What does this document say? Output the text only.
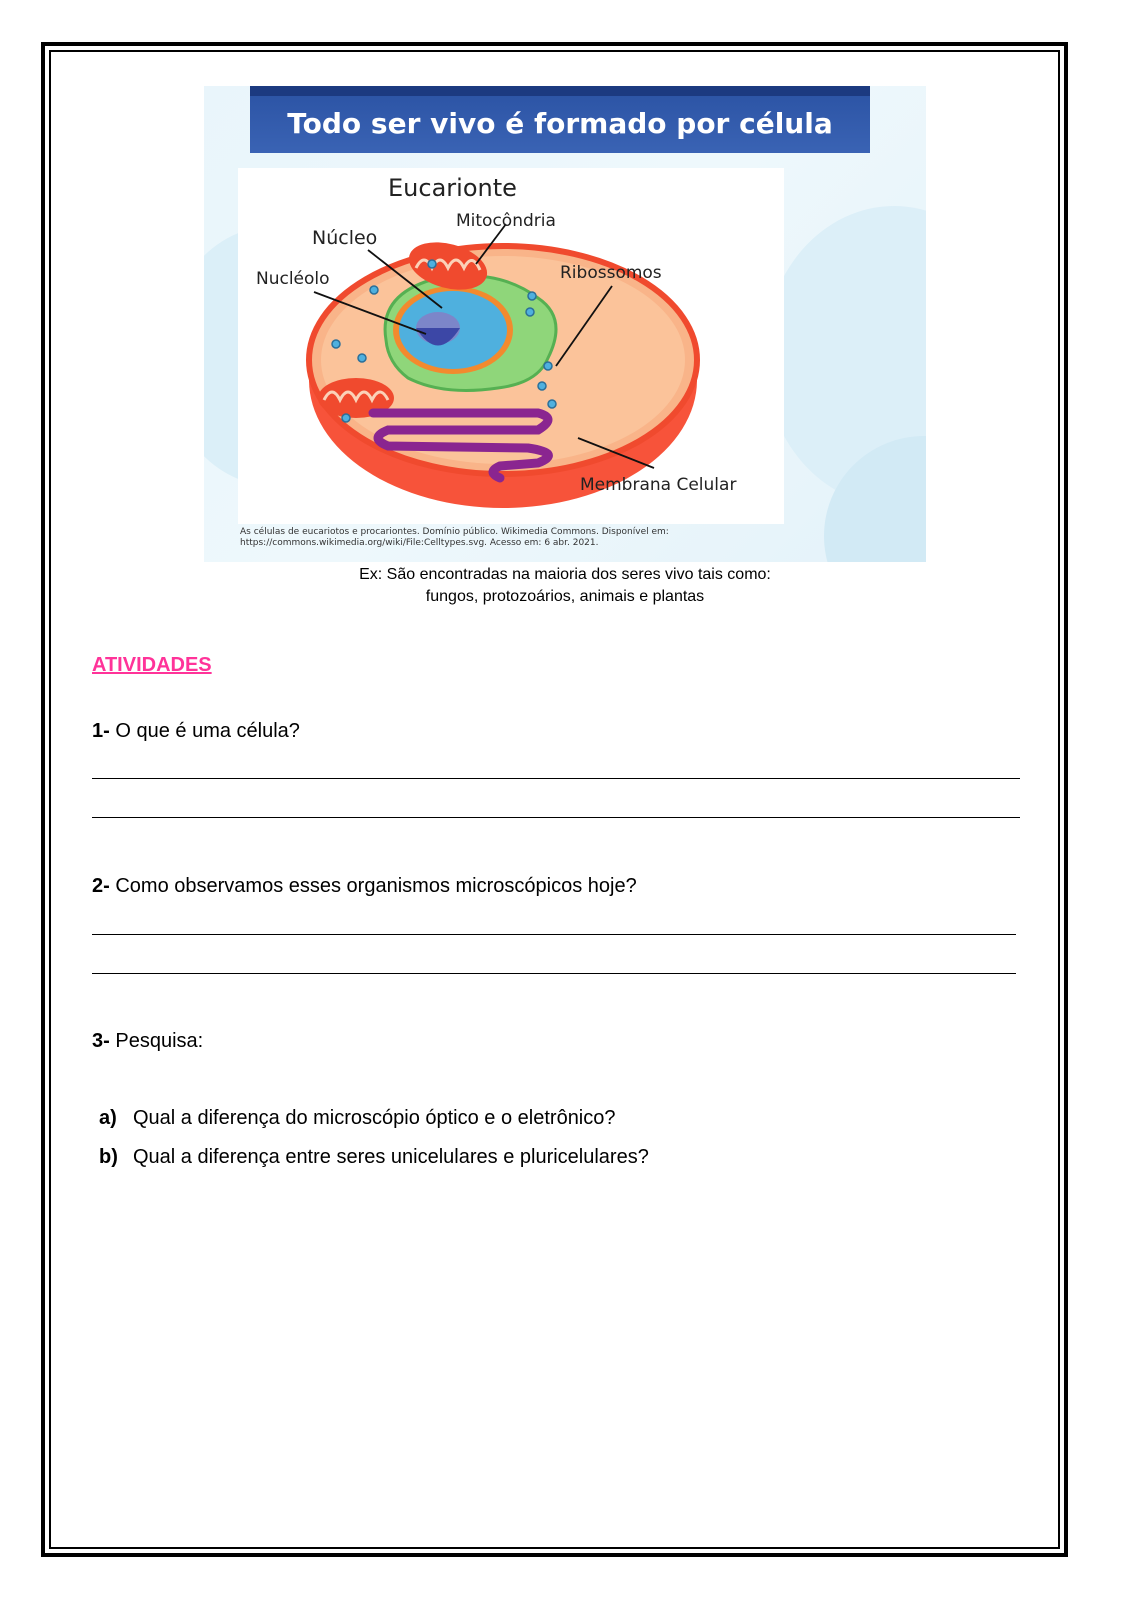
Todo ser vivo é formado por célula
Eucarionte
Mitocôndria
Núcleo
Nucléolo	Ribossomos
Membrana Celular
As células de eucariotos e procariontes. Domínio público. Wikimedia Commons. Disponível em:
https://commons.wikimedia.org/wiki/File:Celltypes.svg. Acesso em: 6 abr. 2021.
Ex: São encontradas na maioria dos seres vivo tais como:
fungos, protozoários, animais e plantas
ATIVIDADES
1- O que é uma célula?
2- Como observamos esses organismos microscópicos hoje?
3- Pesquisa:
a) Qual a diferença do microscópio óptico e o eletrônico?
b) Qual a diferença entre seres unicelulares e pluricelulares?
